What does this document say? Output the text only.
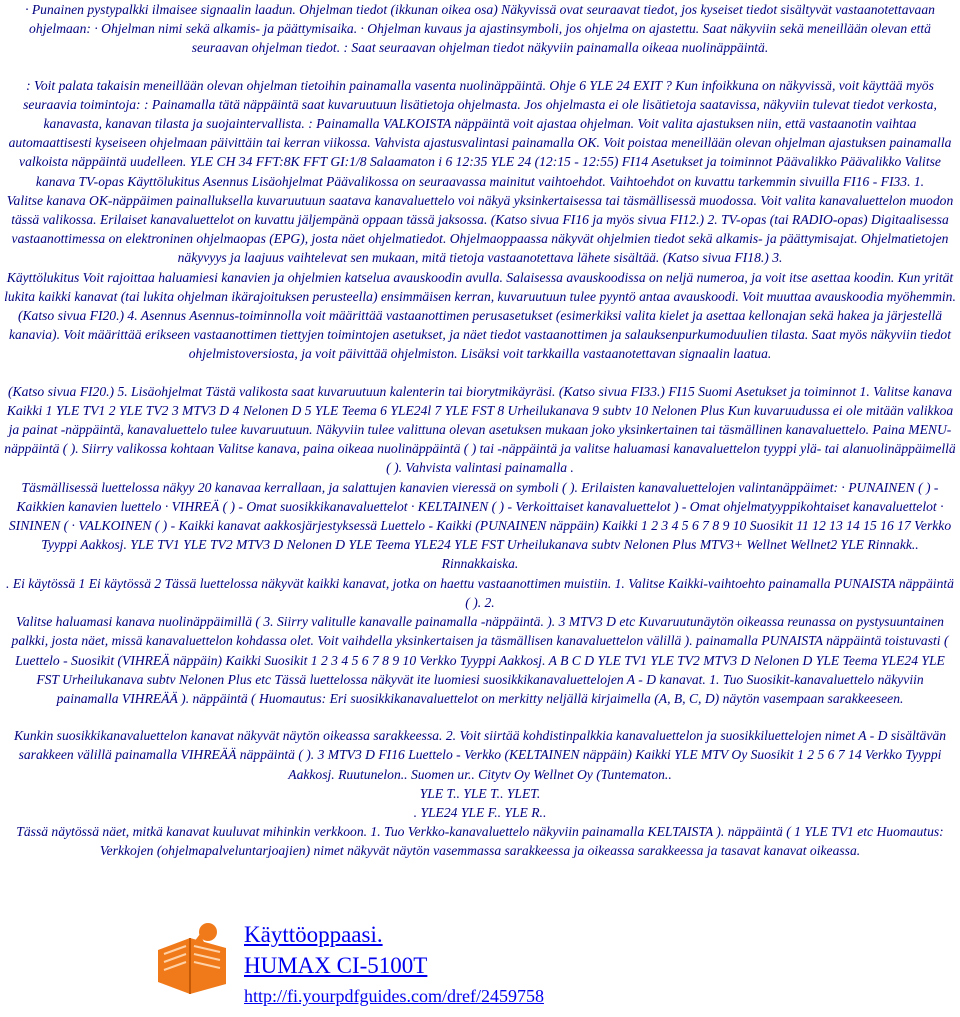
· Punainen pystypalkki ilmaisee signaalin laadun. Ohjelman tiedot (ikkunan oikea osa) Näkyvissä ovat seuraavat tiedot, jos kyseiset tiedot sisältyvät vastaanotettavaan ohjelmaan: · Ohjelman nimi sekä alkamis- ja päättymisaika. · Ohjelman kuvaus ja ajastinsymboli, jos ohjelma on ajastettu. Saat näkyviin sekä meneillään olevan että seuraavan ohjelman tiedot. : Saat seuraavan ohjelman tiedot näkyviin painamalla oikeaa nuolinäppäintä.

: Voit palata takaisin meneillään olevan ohjelman tietoihin painamalla vasenta nuolinäppäintä. Ohje 6 YLE 24 EXIT ? Kun infoikkuna on näkyvissä, voit käyttää myös seuraavia toimintoja: : Painamalla tätä näppäintä saat kuvaruutuun lisätietoja ohjelmasta. Jos ohjelmasta ei ole lisätietoja saatavissa, näkyviin tulevat tiedot verkosta, kanavasta, kanavan tilasta ja suojaintervallista. : Painamalla VALKOISTA näppäintä voit ajastaa ohjelman. Voit valita ajastuksen niin, että vastaanotin vaihtaa automaattisesti kyseiseen ohjelmaan päivittäin tai kerran viikossa. Vahvista ajastusvalintasi painamalla OK. Voit poistaa meneillään olevan ohjelman ajastuksen painamalla valkoista näppäintä uudelleen. YLE CH 34 FFT:8K FFT GI:1/8 Salaamaton i 6 12:35 YLE 24 (12:15 - 12:55) FI14 Asetukset ja toiminnot Päävalikko Päävalikko Valitse kanava TV-opas Käyttölukitus Asennus Lisäohjelmat Päävalikossa on seuraavassa mainitut vaihtoehdot. Vaihtoehdot on kuvattu tarkemmin sivuilla FI16 - FI33. 1.

Valitse kanava OK-näppäimen painalluksella kuvaruutuun saatava kanavaluettelo voi näkyä yksinkertaisessa tai täsmällisessä muodossa. Voit valita kanavaluettelon muodon tässä valikossa. Erilaiset kanavaluettelot on kuvattu jäljempänä oppaan tässä jaksossa. (Katso sivua FI16 ja myös sivua FI12.) 2. TV-opas (tai RADIO-opas) Digitaalisessa vastaanottimessa on elektroninen ohjelmaopas (EPG), josta näet ohjelmatiedot. Ohjelmaoppaassa näkyvät ohjelmien tiedot sekä alkamis- ja päättymisajat. Ohjelmatietojen näkyvyys ja laajuus vaihtelevat sen mukaan, mitä tietoja vastaanotettava lähete sisältää. (Katso sivua FI18.) 3.

Käyttölukitus Voit rajoittaa haluamiesi kanavien ja ohjelmien katselua avauskoodin avulla. Salaisessa avauskoodissa on neljä numeroa, ja voit itse asettaa koodin. Kun yrität lukita kaikki kanavat (tai lukita ohjelman ikärajoituksen perusteella) ensimmäisen kerran, kuvaruutuun tulee pyyntö antaa avauskoodi. Voit muuttaa avauskoodia myöhemmin. (Katso sivua FI20.) 4. Asennus Asennus-toiminnolla voit määrittää vastaanottimen perusasetukset (esimerkiksi valita kielet ja asettaa kellonajan sekä hakea ja järjestellä kanavia). Voit määrittää erikseen vastaanottimen tiettyjen toimintojen asetukset, ja näet tiedot vastaanottimen ja salauksenpurkumoduulien tilasta. Saat myös näkyviin tiedot ohjelmistoversiosta, ja voit päivittää ohjelmiston. Lisäksi voit tarkkailla vastaanotettavan signaalin laatua.

(Katso sivua FI20.) 5. Lisäohjelmat Tästä valikosta saat kuvaruutuun kalenterin tai biorytmikäyräsi. (Katso sivua FI33.) FI15 Suomi Asetukset ja toiminnot 1. Valitse kanava Kaikki 1 YLE TV1 2 YLE TV2 3 MTV3 D 4 Nelonen D 5 YLE Teema 6 YLE24l 7 YLE FST 8 Urheilukanava 9 subtv 10 Nelonen Plus Kun kuvaruudussa ei ole mitään valikkoa ja painat -näppäintä, kanavaluettelo tulee kuvaruutuun. Näkyviin tulee valittuna olevan asetuksen mukaan joko yksinkertainen tai täsmällinen kanavaluettelo. Paina MENU-näppäintä ( ). Siirry valikossa kohtaan Valitse kanava, paina oikeaa nuolinäppäintä ( ) tai -näppäintä ja valitse haluamasi kanavaluettelon tyyppi ylä- tai alanuolinäppäimellä ( ). Vahvista valintasi painamalla .

Täsmällisessä luettelossa näkyy 20 kanavaa kerrallaan, ja salattujen kanavien vieressä on symboli ( ). Erilaisten kanavaluettelojen valintanäppäimet: · PUNAINEN ( ) - Kaikkien kanavien luettelo · VIHREÄ ( ) - Omat suosikkikanavaluettelot · KELTAINEN ( ) - Verkoittaiset kanavaluettelot ) - Omat ohjelmatyyppikohtaiset kanavaluettelot · SININEN ( · VALKOINEN ( ) - Kaikki kanavat aakkosjärjestyksessä Luettelo - Kaikki (PUNAINEN näppäin) Kaikki 1 2 3 4 5 6 7 8 9 10 Suosikit 11 12 13 14 15 16 17 Verkko Tyyppi Aakkosj. YLE TV1 YLE TV2 MTV3 D Nelonen D YLE Teema YLE24 YLE FST Urheilukanava subtv Nelonen Plus MTV3+ Wellnet Wellnet2 YLE Rinnakk.. Rinnakkaiska.

. Ei käytössä 1 Ei käytössä 2 Tässä luettelossa näkyvät kaikki kanavat, jotka on haettu vastaanottimen muistiin. 1. Valitse Kaikki-vaihtoehto painamalla PUNAISTA näppäintä ( ). 2.

Valitse haluamasi kanava nuolinäppäimillä ( 3. Siirry valitulle kanavalle painamalla -näppäintä. ). 3 MTV3 D etc Kuvaruutunäytön oikeassa reunassa on pystysuuntainen palkki, josta näet, missä kanavaluettelon kohdassa olet. Voit vaihdella yksinkertaisen ja täsmällisen kanavaluettelon välillä ). painamalla PUNAISTA näppäintä toistuvasti ( Luettelo - Suosikit (VIHREÄ näppäin) Kaikki Suosikit 1 2 3 4 5 6 7 8 9 10 Verkko Tyyppi Aakkosj. A B C D YLE TV1 YLE TV2 MTV3 D Nelonen D YLE Teema YLE24 YLE FST Urheilukanava subtv Nelonen Plus etc Tässä luettelossa näkyvät ite luomiesi suosikkikanavaluettelojen A - D kanavat. 1. Tuo Suosikit-kanavaluettelo näkyviin painamalla VIHREÄÄ ). näppäintä ( Huomautus: Eri suosikkikanavaluettelot on merkitty neljällä kirjaimella (A, B, C, D) näytön vasempaan sarakkeeseen.

Kunkin suosikkikanavaluettelon kanavat näkyvät näytön oikeassa sarakkeessa. 2. Voit siirtää kohdistinpalkkia kanavaluettelon ja suosikkiluettelojen nimet A - D sisältävän sarakkeen välillä painamalla VIHREÄÄ näppäintä ( ). 3 MTV3 D FI16 Luettelo - Verkko (KELTAINEN näppäin) Kaikki YLE MTV Oy Suosikit 1 2 5 6 7 14 Verkko Tyyppi Aakkosj. Ruutunelon.. Suomen ur.. Citytv Oy Wellnet Oy (Tuntematon..

YLE T.. YLE T.. YLET.

. YLE24 YLE F.. YLE R..

Tässä näytössä näet, mitkä kanavat kuuluvat mihinkin verkkoon. 1. Tuo Verkko-kanavaluettelo näkyviin painamalla KELTAISTA ). näppäintä ( 1 YLE TV1 etc Huomautus: Verkkojen (ohjelmapalveluntarjoajien) nimet näkyvät näytön vasemmassa sarakkeessa ja oikeassa sarakkeessa ja tasavat kanavat oikeassa.

Käyttöoppaasi.
HUMAX CI-5100T
http://fi.yourpdfguides.com/dref/2459758
